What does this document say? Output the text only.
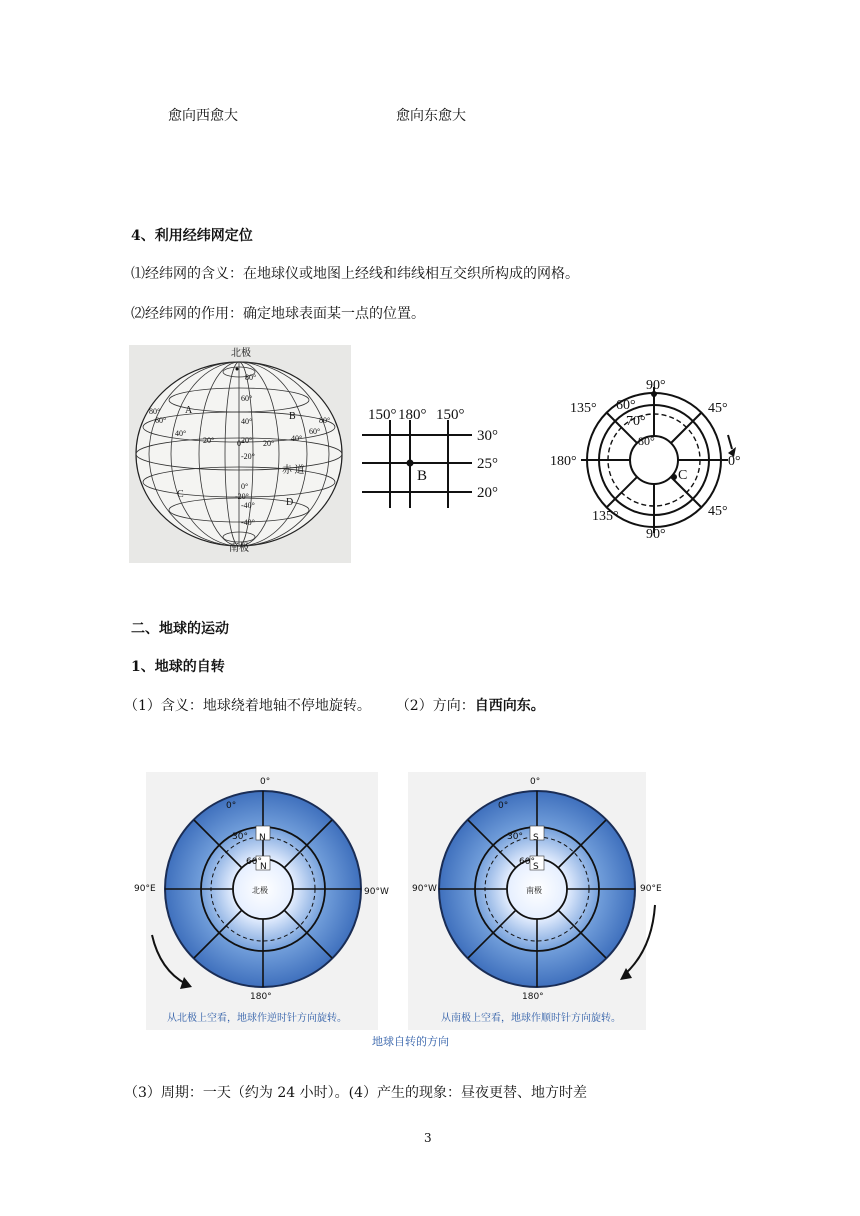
愈向西愈大	愈向东愈大
4、利用经纬网定位
⑴经纬网的含义：在地球仪或地图上经线和纬线相互交织所构成的网格。
⑵经纬网的作用：确定地球表面某一点的位置。
北极
80°
60°
40°
20°
0°
-20°
-40°
80°
60°
40°
20°	20°
40°
60°
80°
0°
-20°
-40°
赤 道
南极
A
B
C
D
150° 180° 150°
30°
25°
20°
B
90°
135° 60°
70°
80°
45°
180°	0°
C
135°	45°
90°
二、地球的运动
1、地球的自转
（1）含义：地球绕着地轴不停地旋转。 （2）方向：自西向东。
0°
0°
30° N
60°
N
北极
90°E	90°W
180°
从北极上空看，地球作逆时针方向旋转。
0°
0°
30° S
60°
S
南极
90°W	90°E
180°
从南极上空看，地球作顺时针方向旋转。
地球自转的方向
（3）周期：一天（约为 24 小时）。(4）产生的现象：昼夜更替、地方时差
3
